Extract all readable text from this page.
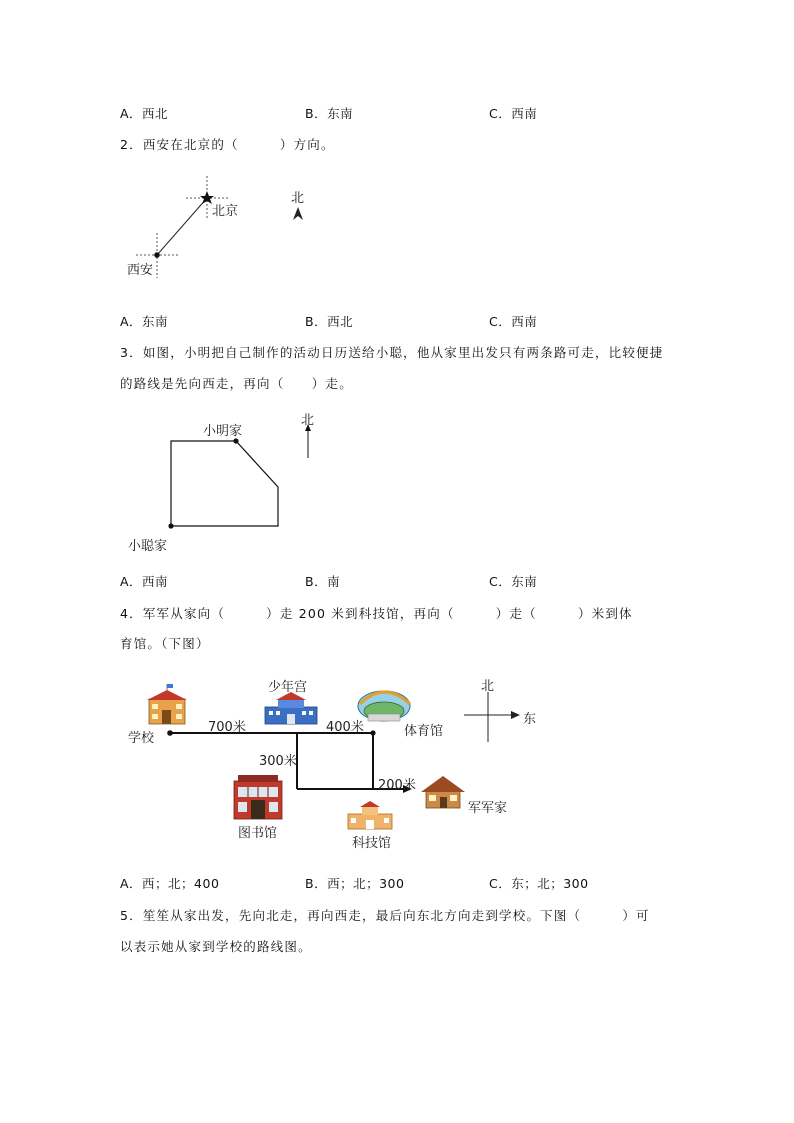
A．西北	B．东南	C．西南
2．西安在北京的（　　　）方向。
北京
西安
北
A．东南	B．西北	C．西南
3．如图，小明把自己制作的活动日历送给小聪，他从家里出发只有两条路可走，比较便捷
的路线是先向西走，再向（　　）走。
小明家
小聪家
北
A．西南	B．南	C．东南
4．军军从家向（　　　）走 200 米到科技馆，再向（　　　）走（　　　）米到体
育馆。（下图）
学校
少年宫
体育馆
图书馆
科技馆
军军家
700米	400米
300米
200米
北
东
A．西；北；400	B．西；北；300	C．东；北；300
5．笙笙从家出发，先向北走，再向西走，最后向东北方向走到学校。下图（　　　）可
以表示她从家到学校的路线图。
